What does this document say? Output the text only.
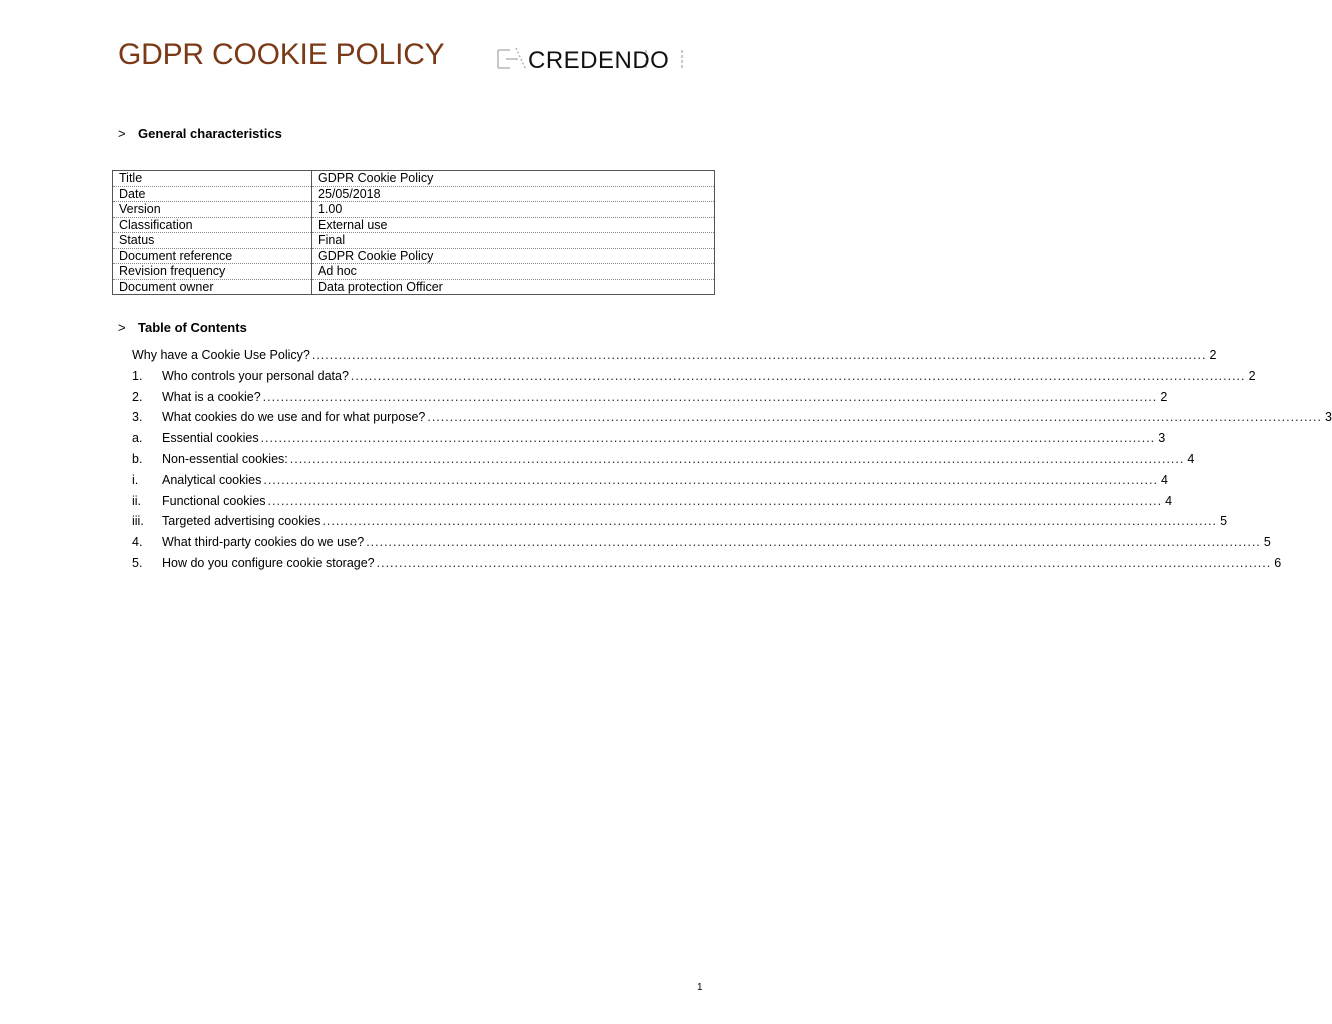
GDPR COOKIE POLICY	CREDENDO
> General characteristics
Title	GDPR Cookie Policy
Date	25/05/2018
Version	1.00
Classification	External use
Status	Final
Document reference	GDPR Cookie Policy
Revision frequency	Ad hoc
Document owner	Data protection Officer
> Table of Contents
Why have a Cookie Use Policy? ........................................................................................................................................................................................................ 2
1.	Who controls your personal data? ........................................................................................................................................................................................................ 2
2.	What is a cookie? ........................................................................................................................................................................................................ 2
3.	What cookies do we use and for what purpose? ........................................................................................................................................................................................................ 3
a.	Essential cookies ........................................................................................................................................................................................................ 3
b.	Non-essential cookies: ........................................................................................................................................................................................................ 4
i.	Analytical cookies ........................................................................................................................................................................................................ 4
ii.	Functional cookies ........................................................................................................................................................................................................ 4
iii.	Targeted advertising cookies ........................................................................................................................................................................................................ 5
4.	What third-party cookies do we use? ........................................................................................................................................................................................................ 5
5.	How do you configure cookie storage? ........................................................................................................................................................................................................ 6
1
